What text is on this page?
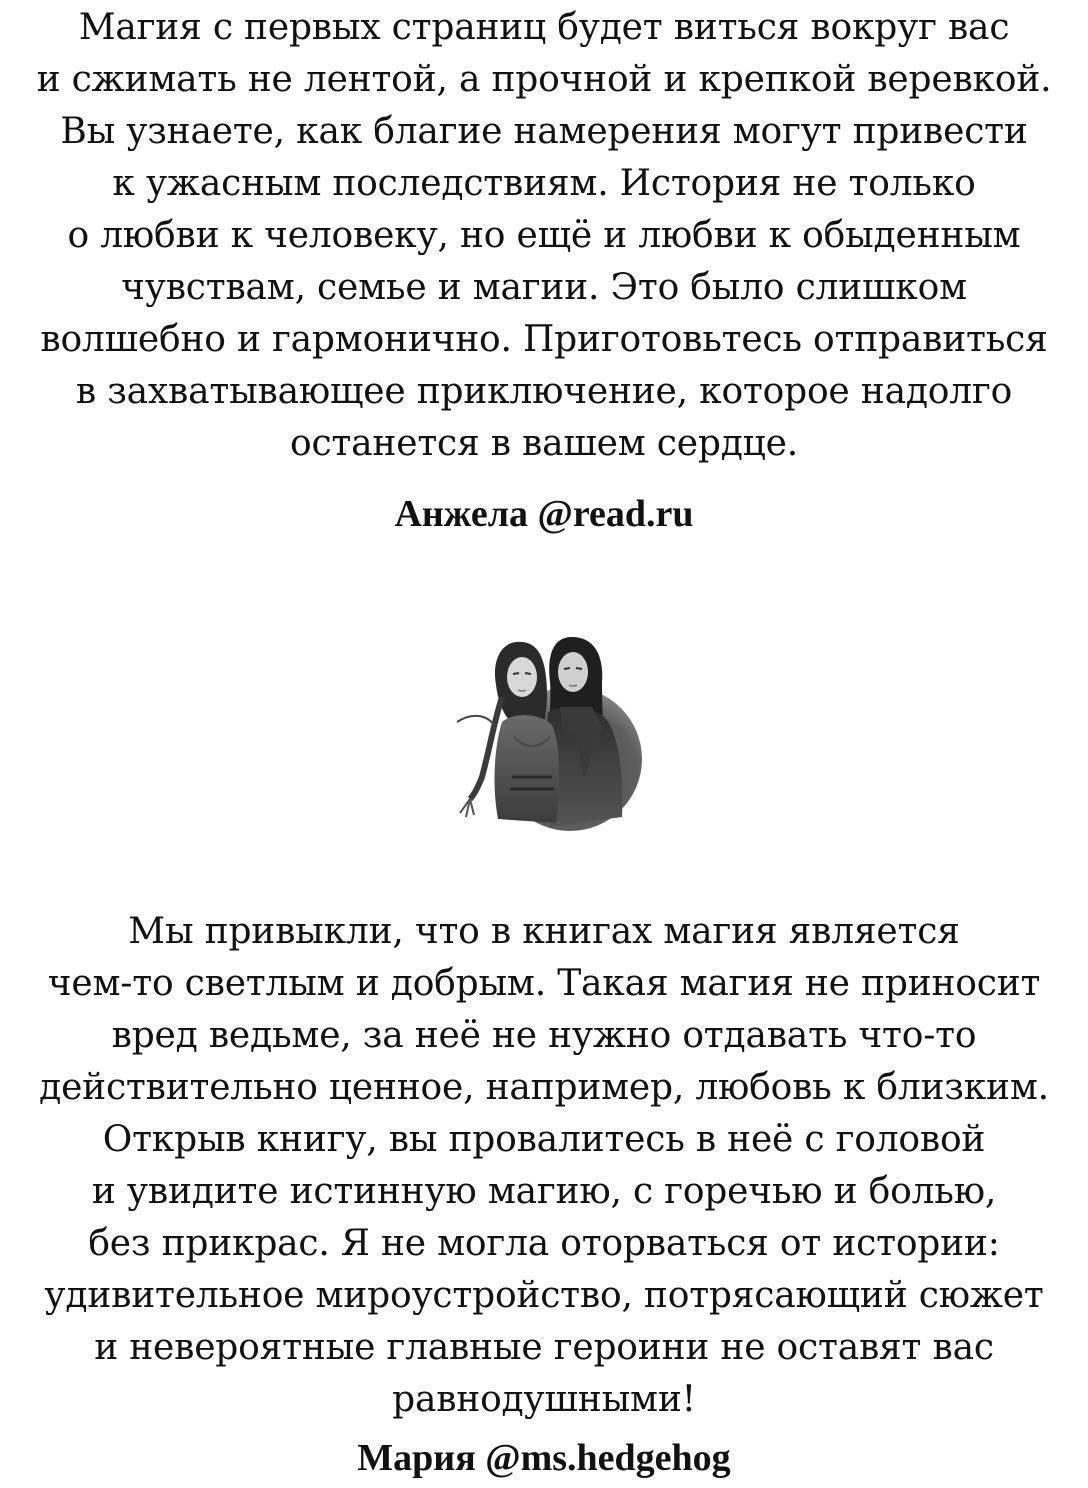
Магия с первых страниц будет виться вокруг вас
и сжимать не лентой, а прочной и крепкой веревкой.
Вы узнаете, как благие намерения могут привести
к ужасным последствиям. История не только
о любви к человеку, но ещё и любви к обыденным
чувствам, семье и магии. Это было слишком
волшебно и гармонично. Приготовьтесь отправиться
в захватывающее приключение, которое надолго
останется в вашем сердце.
Анжела @read.ru
Мы привыкли, что в книгах магия является
чем-то светлым и добрым. Такая магия не приносит
вред ведьме, за неё не нужно отдавать что-то
действительно ценное, например, любовь к близким.
Открыв книгу, вы провалитесь в неё с головой
и увидите истинную магию, с горечью и болью,
без прикрас. Я не могла оторваться от истории:
удивительное мироустройство, потрясающий сюжет
и невероятные главные героини не оставят вас
равнодушными!
Мария @ms.hedgehog
